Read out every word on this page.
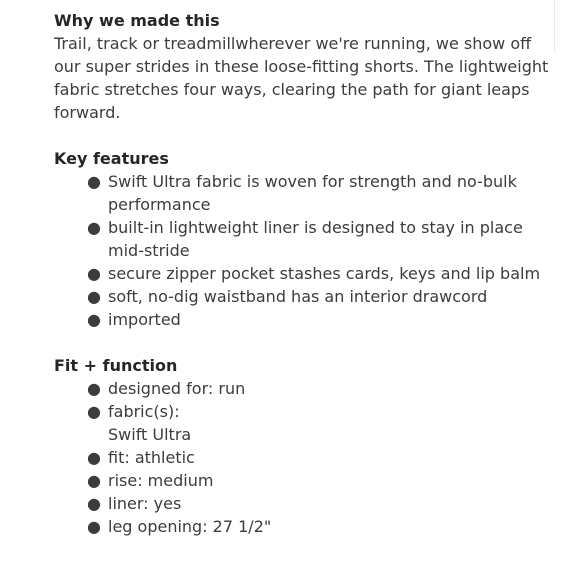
Why we made this

Trail, track or treadmillwherever we're running, we show off our super strides in these loose-fitting shorts. The lightweight fabric stretches four ways, clearing the path for giant leaps forward.

Key features

● Swift Ultra fabric is woven for strength and no-bulk performance
● built-in lightweight liner is designed to stay in place mid-stride
● secure zipper pocket stashes cards, keys and lip balm
● soft, no-dig waistband has an interior drawcord
● imported

Fit + function

● designed for: run
● fabric(s):
Swift Ultra
● fit: athletic
● rise: medium
● liner: yes
● leg opening: 27 1/2"
